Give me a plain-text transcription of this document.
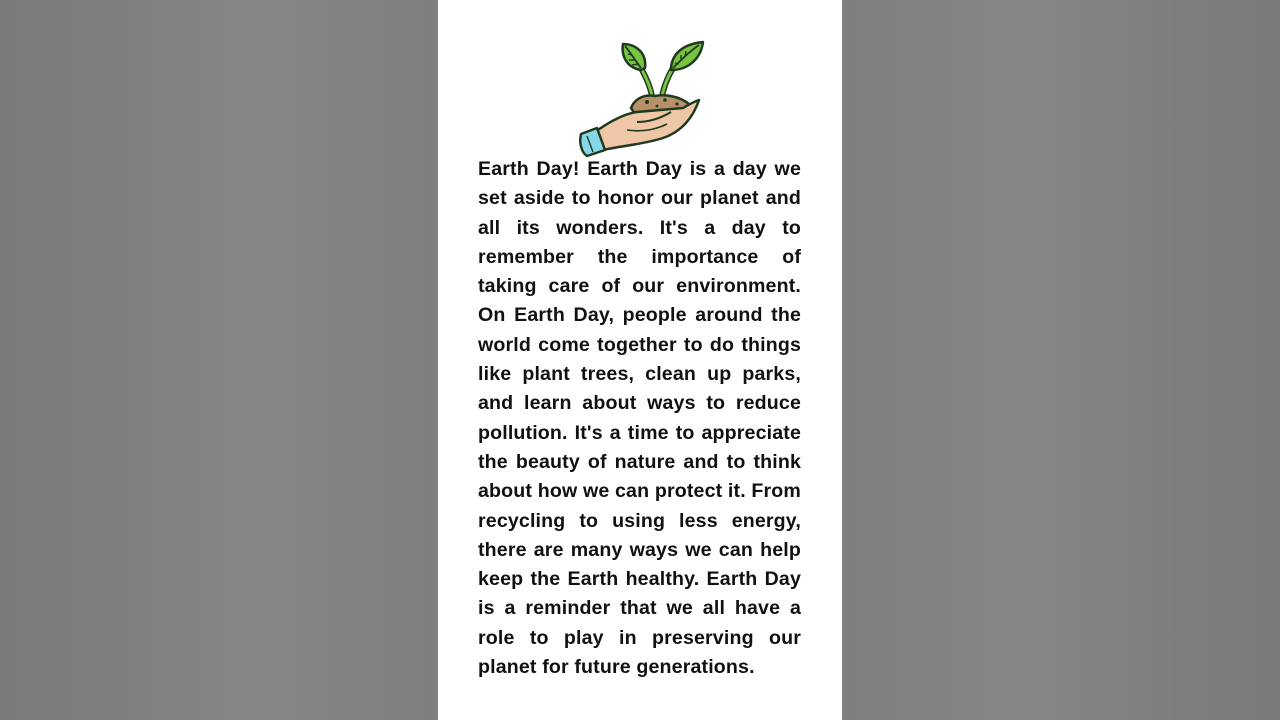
Earth Day! Earth Day is a day we set aside to honor our planet and all its wonders. It's a day to remember the importance of taking care of our environment. On Earth Day, people around the world come together to do things like plant trees, clean up parks, and learn about ways to reduce pollution. It's a time to appreciate the beauty of nature and to think about how we can protect it. From recycling to using less energy, there are many ways we can help keep the Earth healthy. Earth Day is a reminder that we all have a role to play in preserving our planet for future generations.
